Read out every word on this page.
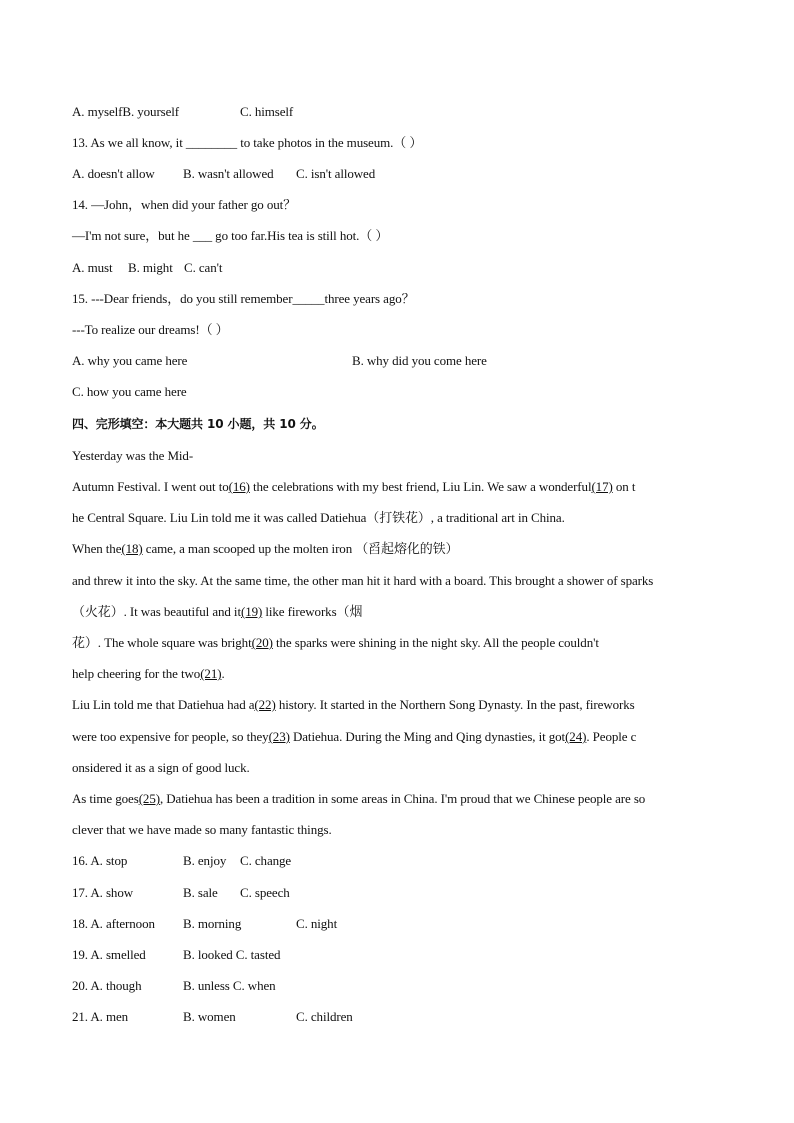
A. myselfB. yourself	C. himself
13. As we all know, it ________ to take photos in the museum.（ ）
A. doesn't allow B. wasn't allowed C. isn't allowed
14. —John，when did your father go out？
—I'm not sure，but he ___ go too far.His tea is still hot.（ ）
A. must B. might C. can't
15. ---Dear friends，do you still remember_____three years ago？
---To realize our dreams!（ ）
A. why you came here	B. why did you come here
C. how you came here
四、完形填空：本大题共 10 小题，共 10 分。
Yesterday was the Mid-
Autumn Festival. I went out to(16) the celebrations with my best friend, Liu Lin. We saw a wonderful(17) on t
he Central Square. Liu Lin told me it was called Datiehua（打铁花）, a traditional art in China.
When the(18) came, a man scooped up the molten iron （舀起熔化的铁）
and threw it into the sky. At the same time, the other man hit it hard with a board. This brought a shower of sparks
（火花）. It was beautiful and it(19) like fireworks（烟
花）. The whole square was bright(20) the sparks were shining in the night sky. All the people couldn't
help cheering for the two(21).
Liu Lin told me that Datiehua had a(22) history. It started in the Northern Song Dynasty. In the past, fireworks
were too expensive for people, so they(23) Datiehua. During the Ming and Qing dynasties, it got(24). People c
onsidered it as a sign of good luck.
As time goes(25), Datiehua has been a tradition in some areas in China. I'm proud that we Chinese people are so
clever that we have made so many fantastic things.
16. A. stop	B. enjoy C. change
17. A. show	B. sale C. speech
18. A. afternoon B. morning	C. night
19. A. smelled	B. looked C. tasted
20. A. though	B. unless C. when
21. A. men	B. women	C. children
